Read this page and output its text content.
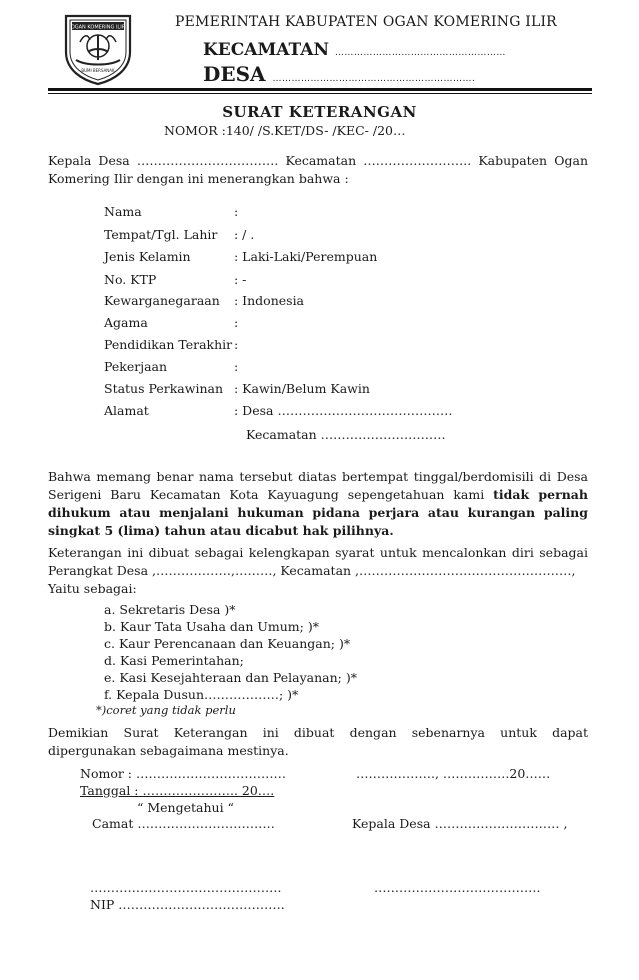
OGAN KOMERING ILIR
BUMI BERSANAK
PEMERINTAH KABUPATEN OGAN KOMERING ILIR
KECAMATAN ………………………………………………
DESA ……………………………………………………….
SURAT KETERANGAN
NOMOR :140/ /S.KET/DS- /KEC- /20…
Kepala Desa ……………………………. Kecamatan …………………….. Kabupaten Ogan Komering Ilir dengan ini menerangkan bahwa :
Nama	:
Tempat/Tgl. Lahir : / .
Jenis Kelamin	: Laki-Laki/Perempuan
No. KTP	: -
Kewarganegaraan : Indonesia
Agama	:
Pendidikan Terakhir :
Pekerjaan	:
Status Perkawinan : Kawin/Belum Kawin
Alamat	: Desa ……………………………………
Kecamatan …………………………
Bahwa memang benar nama tersebut diatas bertempat tinggal/berdomisili di Desa Serigeni Baru Kecamatan Kota Kayuagung sepengetahuan kami tidak pernah dihukum atau menjalani hukuman pidana perjara atau kurangan paling singkat 5 (lima) tahun atau dicabut hak pilihnya.
Keterangan ini dibuat sebagai kelengkapan syarat untuk mencalonkan diri sebagai Perangkat Desa ,………………,………, Kecamatan ,……………………………………………,
Yaitu sebagai:
a. Sekretaris Desa )*
b. Kaur Tata Usaha dan Umum; )*
c. Kaur Perencanaan dan Keuangan; )*
d. Kasi Pemerintahan;
e. Kasi Kesejahteraan dan Pelayanan; )*
f. Kepala Dusun………………; )*
*)coret yang tidak perlu
Demikian Surat Keterangan ini dibuat dengan sebenarnya untuk dapat dipergunakan sebagaimana mestinya.
Nomor : ………………………………
Tanggal : ………………….. 20….
………………., …………….20……
“ Mengetahui “
Camat ……………………………	Kepala Desa ………………………… ,
……………………………………….
NIP ………………………………….
………………………………….
